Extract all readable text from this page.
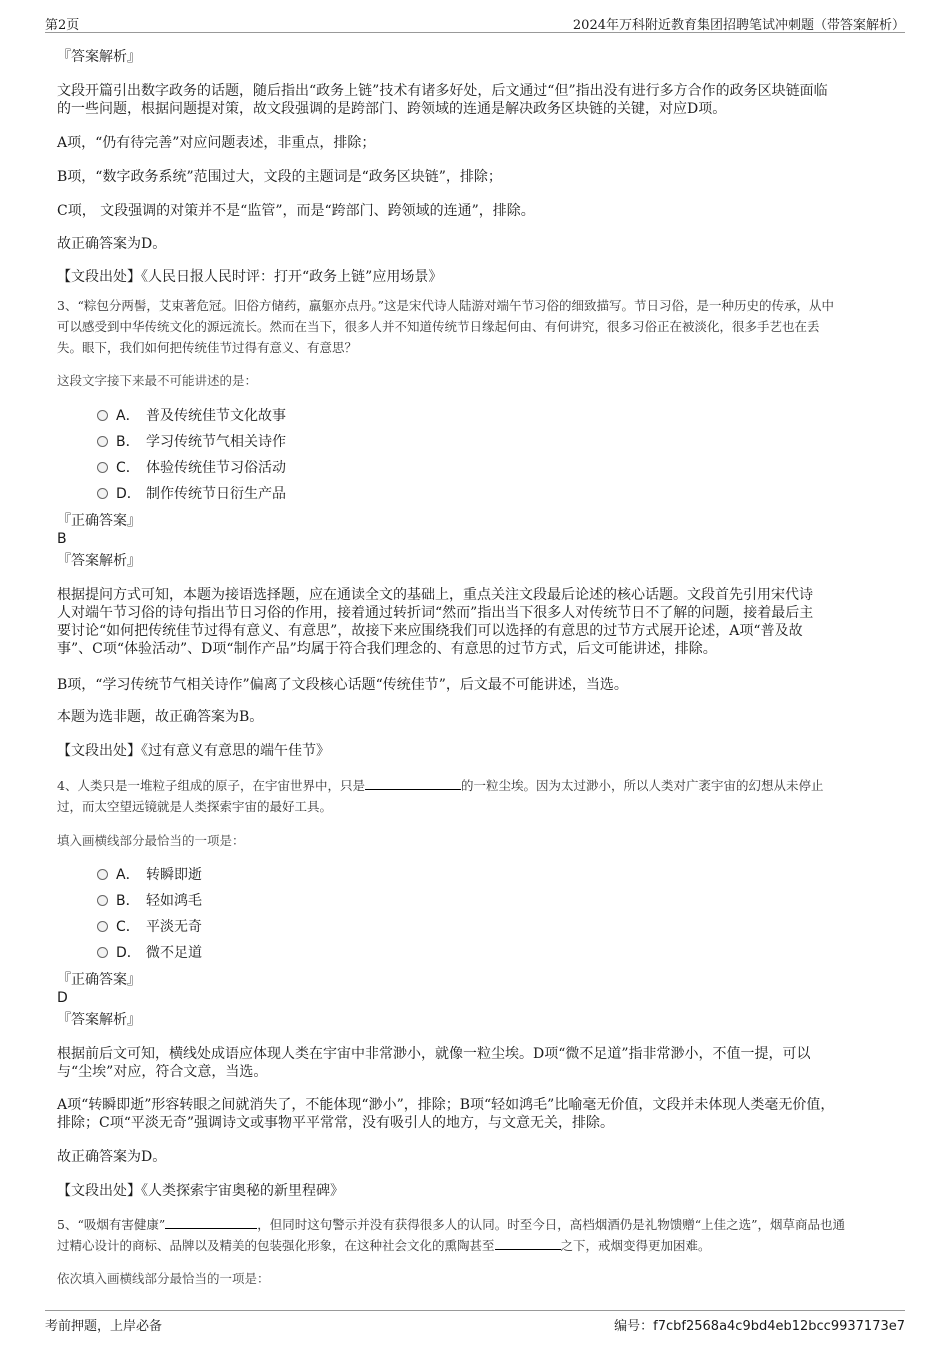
第2页	2024年万科附近教育集团招聘笔试冲刺题（带答案解析）
『答案解析』
文段开篇引出数字政务的话题，随后指出“政务上链”技术有诸多好处，后文通过“但”指出没有进行多方合作的政务区块链面临
的一些问题，根据问题提对策，故文段强调的是跨部门、跨领域的连通是解决政务区块链的关键，对应D项。
A项，“仍有待完善”对应问题表述，非重点，排除；
B项，“数字政务系统”范围过大，文段的主题词是“政务区块链”，排除；
C项， 文段强调的对策并不是“监管”，而是“跨部门、跨领域的连通”，排除。
故正确答案为D。
【文段出处】《人民日报人民时评：打开“政务上链”应用场景》
3、“粽包分两髻，艾束著危冠。旧俗方储药，羸躯亦点丹。”这是宋代诗人陆游对端午节习俗的细致描写。节日习俗，是一种历史的传承，从中
可以感受到中华传统文化的源远流长。然而在当下，很多人并不知道传统节日缘起何由、有何讲究，很多习俗正在被淡化，很多手艺也在丢
失。眼下，我们如何把传统佳节过得有意义、有意思？
这段文字接下来最不可能讲述的是：
A． 普及传统佳节文化故事
B． 学习传统节气相关诗作
C． 体验传统佳节习俗活动
D． 制作传统节日衍生产品
『正确答案』
B
『答案解析』
根据提问方式可知，本题为接语选择题，应在通读全文的基础上，重点关注文段最后论述的核心话题。文段首先引用宋代诗
人对端午节习俗的诗句指出节日习俗的作用，接着通过转折词“然而”指出当下很多人对传统节日不了解的问题，接着最后主
要讨论“如何把传统佳节过得有意义、有意思”，故接下来应围绕我们可以选择的有意思的过节方式展开论述，A项“普及故
事”、C项“体验活动”、D项“制作产品”均属于符合我们理念的、有意思的过节方式，后文可能讲述，排除。
B项，“学习传统节气相关诗作”偏离了文段核心话题“传统佳节”，后文最不可能讲述，当选。
本题为选非题，故正确答案为B。
【文段出处】《过有意义有意思的端午佳节》
4、人类只是一堆粒子组成的原子，在宇宙世界中，只是	的一粒尘埃。因为太过渺小，所以人类对广袤宇宙的幻想从未停止
过，而太空望远镜就是人类探索宇宙的最好工具。
填入画横线部分最恰当的一项是：
A． 转瞬即逝
B． 轻如鸿毛
C． 平淡无奇
D． 微不足道
『正确答案』
D
『答案解析』
根据前后文可知，横线处成语应体现人类在宇宙中非常渺小，就像一粒尘埃。D项“微不足道”指非常渺小，不值一提，可以
与“尘埃”对应，符合文意，当选。
A项“转瞬即逝”形容转眼之间就消失了，不能体现“渺小”，排除；B项“轻如鸿毛”比喻毫无价值，文段并未体现人类毫无价值，
排除；C项“平淡无奇”强调诗文或事物平平常常，没有吸引人的地方，与文意无关，排除。
故正确答案为D。
【文段出处】《人类探索宇宙奥秘的新里程碑》
5、“吸烟有害健康”	，但同时这句警示并没有获得很多人的认同。时至今日，高档烟酒仍是礼物馈赠“上佳之选”，烟草商品也通
过精心设计的商标、品牌以及精美的包装强化形象，在这种社会文化的熏陶甚至	之下，戒烟变得更加困难。
依次填入画横线部分最恰当的一项是：
考前押题，上岸必备	编号：f7cbf2568a4c9bd4eb12bcc9937173e7
